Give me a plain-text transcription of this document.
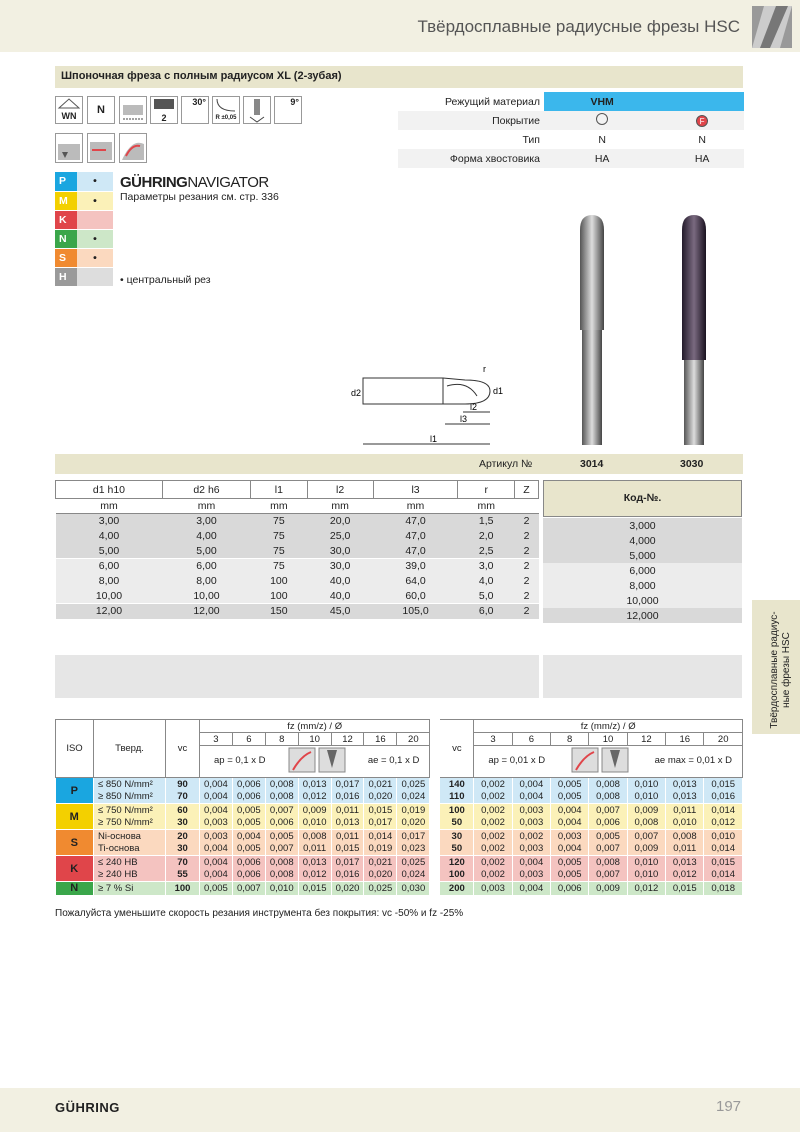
Твёрдосплавные радиусные фрезы HSC
Шпоночная фреза с полным радиусом XL (2-зубая)
WN	N
2
30°
R ±0,05
9°	Режущий материал	VHM	
Покрытие		F
Тип	N	N
Форма хвостовика	HA	HA
P	•
M	•
K	
N	•
S	•
H	
GÜHRINGNAVIGATOR
Параметры резания см. стр. 336
• центральный рез
d2	d1
l1
l3
l2
r
Артикул №	3014	3030
d1 h10	d2 h6	l1	l2	l3	r	Z
mm	mm	mm	mm	mm	mm	
3,00	3,00	75	20,0	47,0	1,5	2
4,00	4,00	75	25,0	47,0	2,0	2
5,00	5,00	75	30,0	47,0	2,5	2
6,00	6,00	75	30,0	39,0	3,0	2
8,00	8,00	100	40,0	64,0	4,0	2
10,00	10,00	100	40,0	60,0	5,0	2
12,00	12,00	150	45,0	105,0	6,0	2
Код-№.
3,000
4,000
5,000
6,000
8,000
10,000
12,000	Твёрдосплавные радиус-ные фрезы HSC
ISO	Тверд.	vc	fz (mm/z) / Ø								vc	fz (mm/z) / Ø						
			3	6	8	10	12	16	20			3	6	8	10	12	16	20

			ap = 0,1 x D ae = 0,1 x D									ap = 0,01 x D ae max = 0,01 x D						

P	≤ 850 N/mm²	90	0,004	0,006	0,008	0,013	0,017	0,021	0,025		140	0,002	0,004	0,005	0,008	0,010	0,013	0,015
	≥ 850 N/mm²	70	0,004	0,006	0,008	0,012	0,016	0,020	0,024		110	0,002	0,004	0,005	0,008	0,010	0,013	0,016
M	≤ 750 N/mm²	60	0,004	0,005	0,007	0,009	0,011	0,015	0,019		100	0,002	0,003	0,004	0,007	0,009	0,011	0,014
	≥ 750 N/mm²	30	0,003	0,005	0,006	0,010	0,013	0,017	0,020		50	0,002	0,003	0,004	0,006	0,008	0,010	0,012
S	Ni-основа	20	0,003	0,004	0,005	0,008	0,011	0,014	0,017		30	0,002	0,002	0,003	0,005	0,007	0,008	0,010
	Ti-основа	30	0,004	0,005	0,007	0,011	0,015	0,019	0,023		50	0,002	0,003	0,004	0,007	0,009	0,011	0,014
K	≤ 240 HB	70	0,004	0,006	0,008	0,013	0,017	0,021	0,025		120	0,002	0,004	0,005	0,008	0,010	0,013	0,015
	≥ 240 HB	55	0,004	0,006	0,008	0,012	0,016	0,020	0,024		100	0,002	0,003	0,005	0,007	0,010	0,012	0,014
N	≥ 7 % Si	100	0,005	0,007	0,010	0,015	0,020	0,025	0,030		200	0,003	0,004	0,006	0,009	0,012	0,015	0,018
Пожалуйста уменьшите скорость резания инструмента без покрытия: vc -50% и fz -25%
GÜHRING	197
